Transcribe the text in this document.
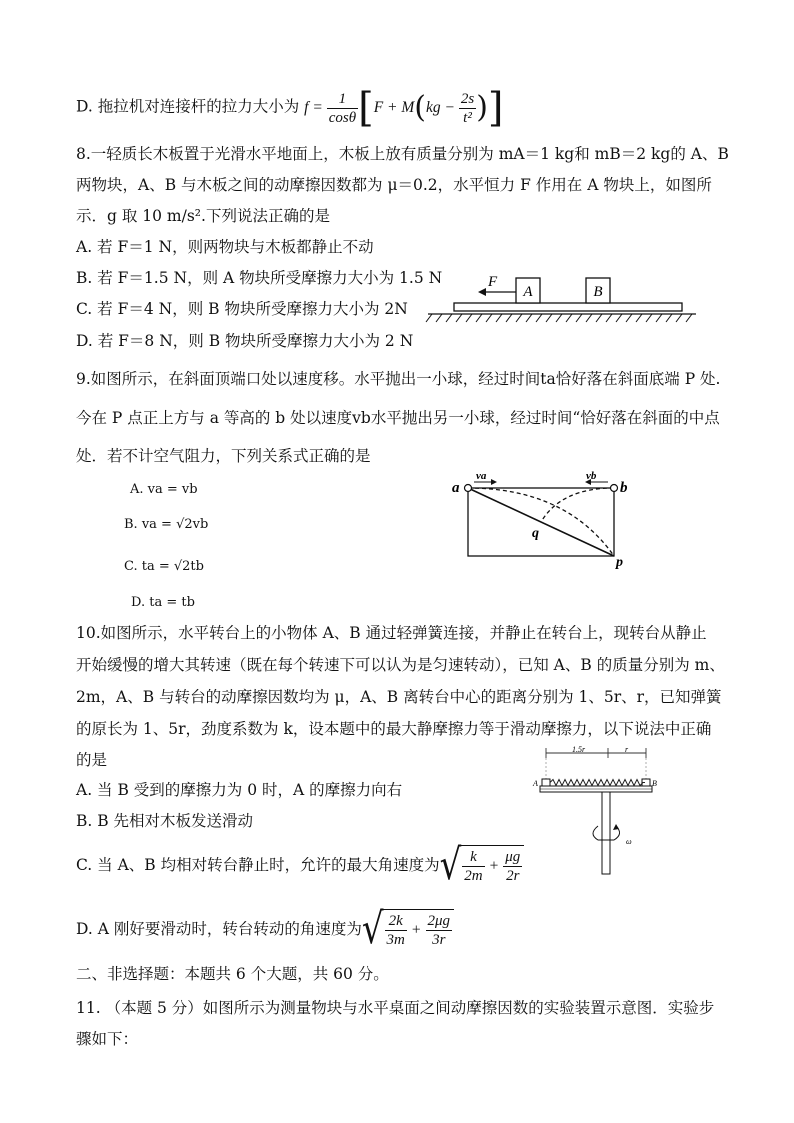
D. 拖拉机对连接杆的拉力大小为 $f = \frac{1}{\cos\theta} [F + M(kg - \frac{2s}{\text{t²}}$ )]
8.一轻质长木板置于光滑水平地面上，木板上放有质量分别为 mA＝1 kg和 mB＝2 kg的 A、B
两物块，A、B 与木板之间的动摩擦因数都为 μ＝0.2，水平恒力 F 作用在 A 物块上，如图所
示．g 取 10 m/s².下列说法正确的是
A. 若 F＝1 N，则两物块与木板都静止不动
B. 若 F＝1.5 N，则 A 物块所受摩擦力大小为 1.5 N
C. 若 F＝4 N，则 B 物块所受摩擦力大小为 2N
D. 若 F＝8 N，则 B 物块所受摩擦力大小为 2 N
A	B
F
9.如图所示，在斜面顶端口处以速度移。水平抛出一小球，经过时间ta恰好落在斜面底端 P 处.
今在 P 点正上方与 a 等高的 b 处以速度vb水平抛出另一小球，经过时间“恰好落在斜面的中点
处．若不计空气阻力，下列关系式正确的是
A. va = vb
B. va = √2vb
C. ta = √2tb
D. ta = tb
a	b
va	vb
q
p
10.如图所示，水平转台上的小物体 A、B 通过轻弹簧连接，并静止在转台上，现转台从静止
开始缓慢的增大其转速（既在每个转速下可以认为是匀速转动），已知 A、B 的质量分别为 m、
2m，A、B 与转台的动摩擦因数均为 μ，A、B 离转台中心的距离分别为 1、5r、r，已知弹簧
的原长为 1、5r，劲度系数为 k，设本题中的最大静摩擦力等于滑动摩擦力，以下说法中正确
的是
A. 当 B 受到的摩擦力为 0 时，A 的摩擦力向右
B. B 先相对木板发送滑动
C. 当 A、B 均相对转台静止时，允许的最大角速度为 √ $\frac{k}{2m} + \frac{\mu g}{2r}$
D. A 刚好要滑动时，转台转动的角速度为 √ $\frac{2k}{3m} + \frac{2\mu g}{3r}$
1.5r	r
A	B
ω
二、非选择题：本题共 6 个大题，共 60 分。
11. （本题 5 分）如图所示为测量物块与水平桌面之间动摩擦因数的实验装置示意图．实验步
骤如下：
